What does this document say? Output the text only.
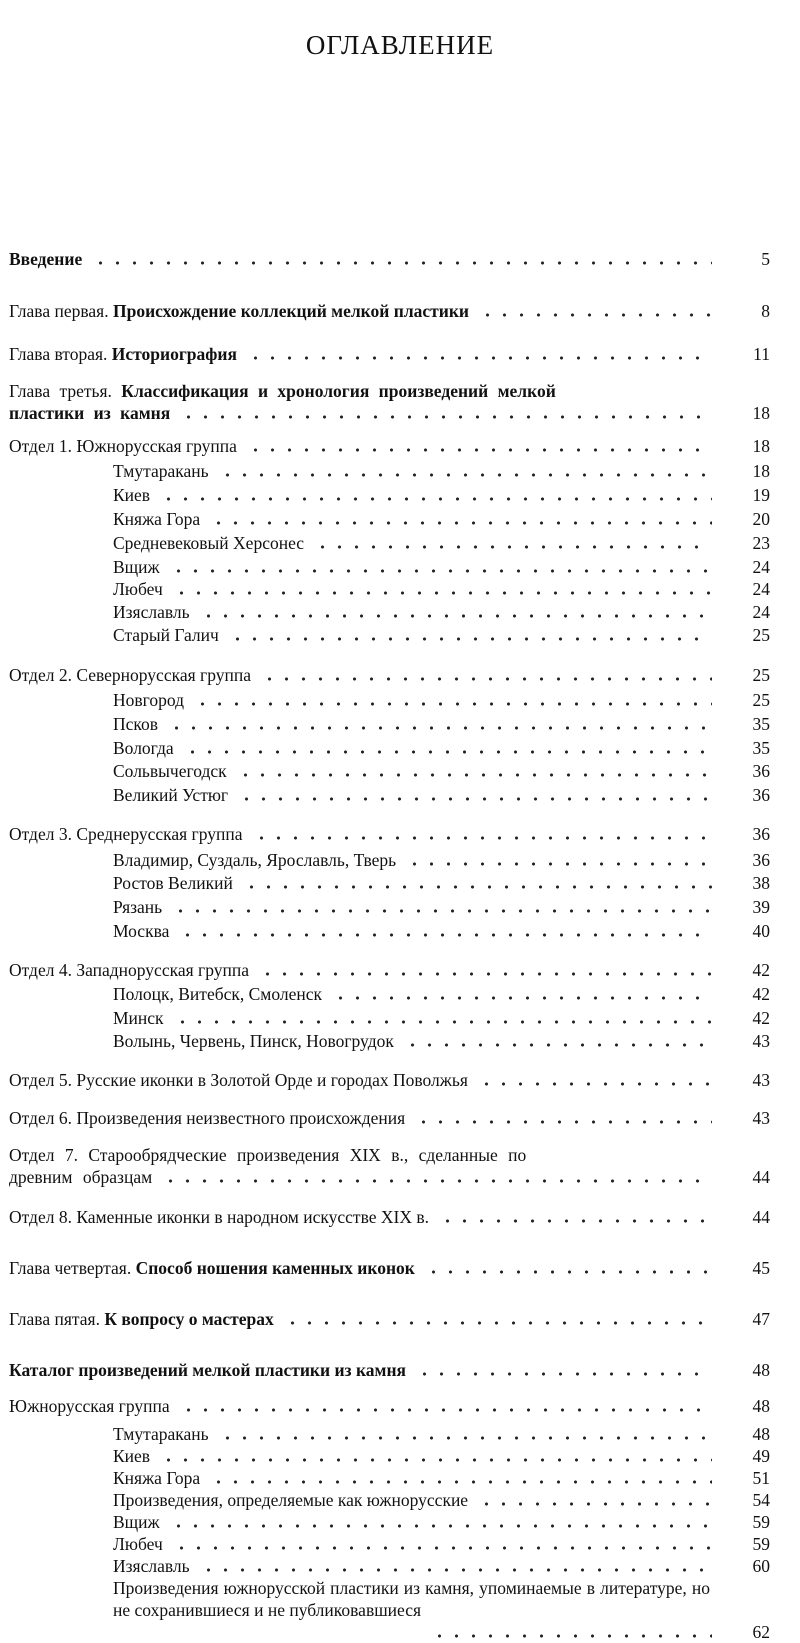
ОГЛАВЛЕНИЕ
Введение	5
Глава первая. Происхождение коллекций мелкой пластики	8
Глава вторая. Историография	11
Глава третья. Классификация и хронология произведений мелкой
пластики из камня	18
Отдел 1. Южнорусская группа	18
Тмутаракань	18
Киев	19
Княжа Гора	20
Средневековый Херсонес	23
Вщиж	24
Любеч	24
Изяславль	24
Старый Галич	25
Отдел 2. Севернорусская группа	25
Новгород	25
Псков	35
Вологда	35
Сольвычегодск	36
Великий Устюг	36
Отдел 3. Среднерусская группа	36
Владимир, Суздаль, Ярославль, Тверь	36
Ростов Великий	38
Рязань	39
Москва	40
Отдел 4. Западнорусская группа	42
Полоцк, Витебск, Смоленск	42
Минск	42
Волынь, Червень, Пинск, Новогрудок	43
Отдел 5. Русские иконки в Золотой Орде и городах Поволжья	43
Отдел 6. Произведения неизвестного происхождения	43
Отдел 7. Старообрядческие произведения XIX в., сделанные по
древним образцам	44
Отдел 8. Каменные иконки в народном искусстве XIX в.	44
Глава четвертая. Способ ношения каменных иконок	45
Глава пятая. К вопросу о мастерах	47
Каталог произведений мелкой пластики из камня	48
Южнорусская группа	48
Тмутаракань	48
Киев	49
Княжа Гора	51
Произведения, определяемые как южнорусские	54
Вщиж	59
Любеч	59
Изяславль	60
Произведения южнорусской пластики из камня, упоминаемые в литературе, но не сохранившиеся и не публиковавшиеся
62
